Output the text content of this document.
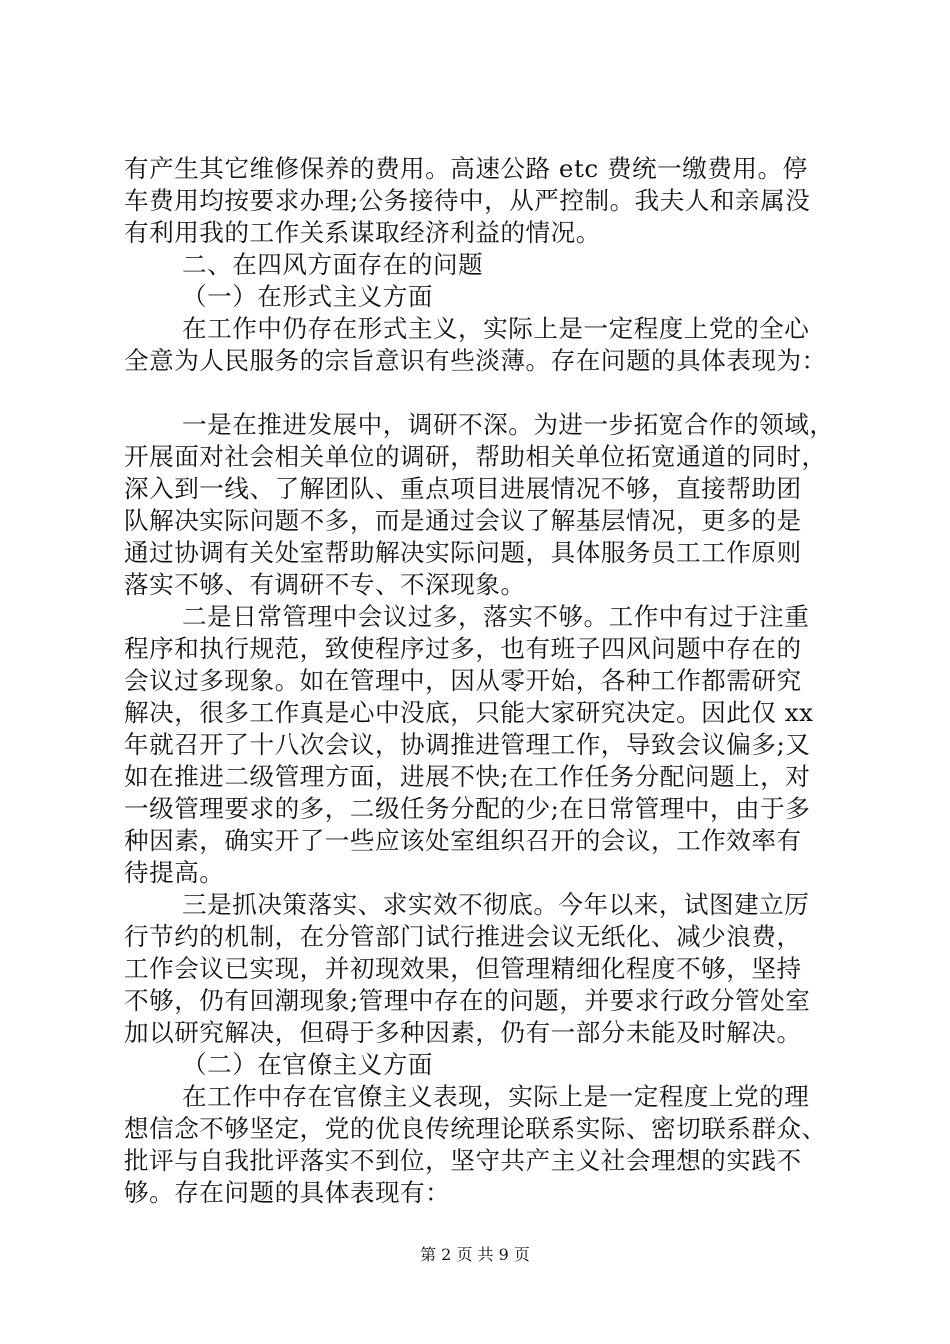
有产生其它维修保养的费用。高速公路 etc 费统一缴费用。停
车费用均按要求办理;公务接待中，从严控制。我夫人和亲属没
有利用我的工作关系谋取经济利益的情况。
二、在四风方面存在的问题
（一）在形式主义方面
在工作中仍存在形式主义，实际上是一定程度上党的全心
全意为人民服务的宗旨意识有些淡薄。存在问题的具体表现为：
一是在推进发展中，调研不深。为进一步拓宽合作的领域，
开展面对社会相关单位的调研，帮助相关单位拓宽通道的同时，
深入到一线、了解团队、重点项目进展情况不够，直接帮助团
队解决实际问题不多，而是通过会议了解基层情况，更多的是
通过协调有关处室帮助解决实际问题，具体服务员工工作原则
落实不够、有调研不专、不深现象。
二是日常管理中会议过多，落实不够。工作中有过于注重
程序和执行规范，致使程序过多，也有班子四风问题中存在的
会议过多现象。如在管理中，因从零开始，各种工作都需研究
解决，很多工作真是心中没底，只能大家研究决定。因此仅 xx
年就召开了十八次会议，协调推进管理工作，导致会议偏多;又
如在推进二级管理方面，进展不快;在工作任务分配问题上，对
一级管理要求的多，二级任务分配的少;在日常管理中，由于多
种因素，确实开了一些应该处室组织召开的会议，工作效率有
待提高。
三是抓决策落实、求实效不彻底。今年以来，试图建立厉
行节约的机制，在分管部门试行推进会议无纸化、减少浪费，
工作会议已实现，并初现效果，但管理精细化程度不够，坚持
不够，仍有回潮现象;管理中存在的问题，并要求行政分管处室
加以研究解决，但碍于多种因素，仍有一部分未能及时解决。
（二）在官僚主义方面
在工作中存在官僚主义表现，实际上是一定程度上党的理
想信念不够坚定，党的优良传统理论联系实际、密切联系群众、
批评与自我批评落实不到位，坚守共产主义社会理想的实践不
够。存在问题的具体表现有：
第 2 页 共 9 页
